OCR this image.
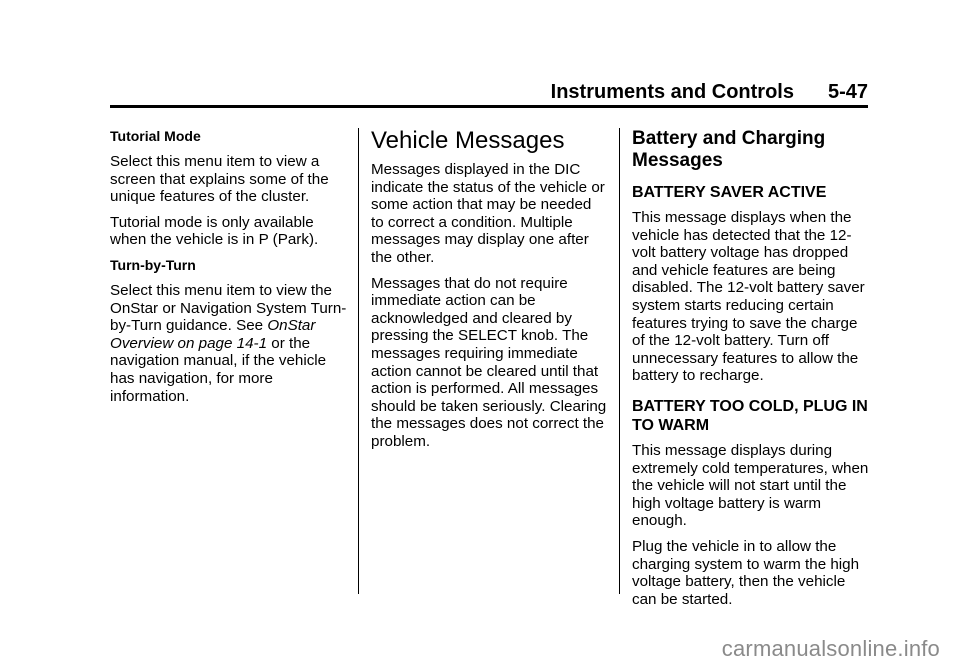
Instruments and Controls 5-47
Tutorial Mode

Select this menu item to view a screen that explains some of the unique features of the cluster.

Tutorial mode is only available when the vehicle is in P (Park).

Turn-by-Turn

Select this menu item to view the OnStar or Navigation System Turn-by-Turn guidance. See OnStar Overview on page 14-1 or the navigation manual, if the vehicle has navigation, for more information.

Vehicle Messages

Messages displayed in the DIC indicate the status of the vehicle or some action that may be needed to correct a condition. Multiple messages may display one after the other.

Messages that do not require immediate action can be acknowledged and cleared by pressing the SELECT knob. The messages requiring immediate action cannot be cleared until that action is performed. All messages should be taken seriously. Clearing the messages does not correct the problem.

Battery and Charging Messages
BATTERY SAVER ACTIVE

This message displays when the vehicle has detected that the 12-volt battery voltage has dropped and vehicle features are being disabled. The 12-volt battery saver system starts reducing certain features trying to save the charge of the 12-volt battery. Turn off unnecessary features to allow the battery to recharge.

BATTERY TOO COLD, PLUG IN TO WARM

This message displays during extremely cold temperatures, when the vehicle will not start until the high voltage battery is warm enough.

Plug the vehicle in to allow the charging system to warm the high voltage battery, then the vehicle can be started.

carmanualsonline.info
